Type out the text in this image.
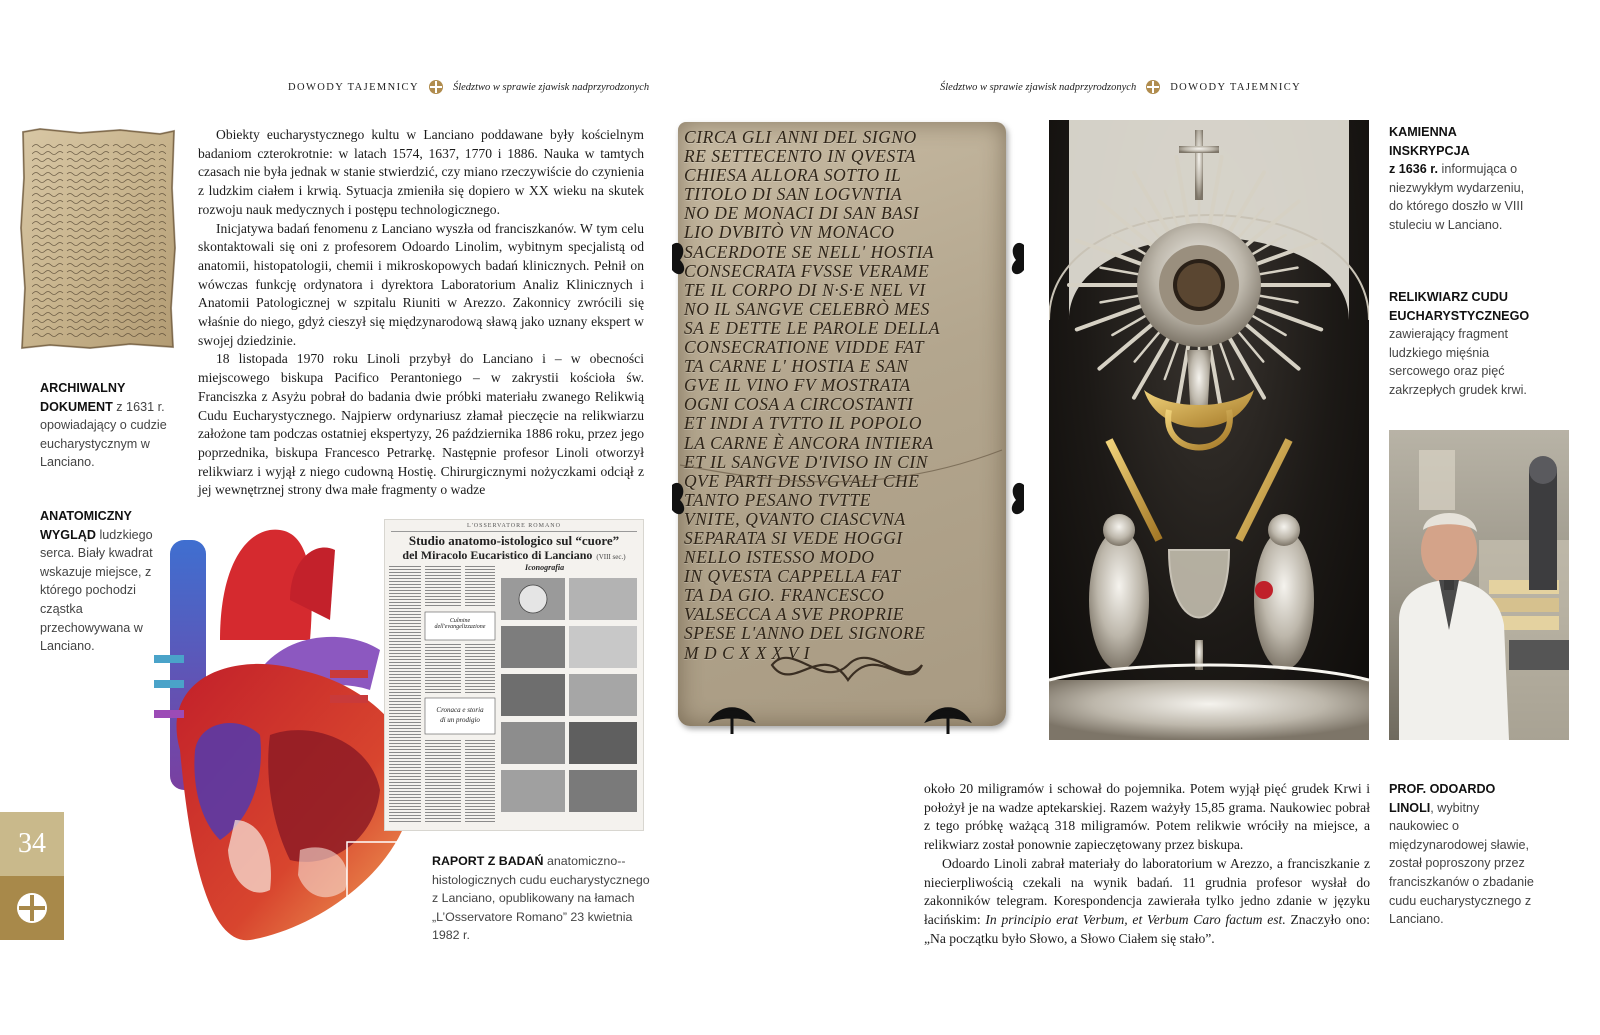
DOWODY TAJEMNICY	Śledztwo w sprawie zjawisk nadprzyrodzonych	Śledztwo w sprawie zjawisk nadprzyrodzonych	DOWODY TAJEMNICY

Obiekty eucharystycznego kultu w Lanciano poddawane były kościelnym badaniom czterokrotnie: w latach 1574, 1637, 1770 i 1886. Nauka w tamtych czasach nie była jednak w stanie stwierdzić, czy miano rzeczywiście do czynienia z ludzkim ciałem i krwią. Sytuacja zmieniła się dopiero w XX wieku na skutek rozwoju nauk medycznych i postępu technologicznego.

Inicjatywa badań fenomenu z Lanciano wyszła od franciszkanów. W tym celu skontaktowali się oni z profesorem Odoardo Linolim, wybitnym specjalistą od anatomii, histopatologii, chemii i mikroskopowych badań klinicznych. Pełnił on wówczas funkcję ordynatora i dyrektora Laboratorium Analiz Klinicznych i Anatomii Patologicznej w szpitalu Riuniti w Arezzo. Zakonnicy zwrócili się właśnie do niego, gdyż cieszył się międzynarodową sławą jako uznany ekspert w swojej dziedzinie.

18 listopada 1970 roku Linoli przybył do Lanciano i – w obecności miejscowego biskupa Pacifico Perantoniego – w zakrystii kościoła św. Franciszka z Asyżu pobrał do badania dwie próbki materiału zwanego Relikwią Cudu Eucharystycznego. Najpierw ordynariusz złamał pieczęcie na relikwiarzu założone tam podczas ostatniej ekspertyzy, 26 października 1886 roku, przez jego poprzednika, biskupa Francesco Petrarkę. Następnie profesor Linoli otworzył relikwiarz i wyjął z niego cudowną Hostię. Chirurgicznymi nożyczkami odciął z jej wewnętrznej strony dwa małe fragmenty o wadze

ARCHIWALNY DOKUMENT z 1631 r. opowiadający o cudzie eucharystycznym w Lanciano.
ANATOMICZNY WYGLĄD ludzkiego serca. Biały kwadrat wskazuje miejsce, z którego pochodzi cząstka przechowywana w Lanciano.
L'OSSERVATORE ROMANO
Studio anatomo-istologico sul “cuore”
del Miracolo Eucaristico di Lanciano (VIII sec.)
Iconografia
Culmine dell'evangelizzazione
Cronaca e storia
di un prodigio
RAPORT Z BADAŃ anatomiczno--histologicznych cudu eucharystycznego z Lanciano, opublikowany na łamach „L’Osservatore Romano” 23 kwietnia 1982 r.
34
CIRCA GLI ANNI DEL SIGNO
RE SETTECENTO IN QVESTA
CHIESA ALLORA SOTTO IL
TITOLO DI SAN LOGVNTIA
NO DE MONACI DI SAN BASI
LIO DVBITÒ VN MONACO
SACERDOTE SE NELL' HOSTIA
CONSECRATA FVSSE VERAME
TE IL CORPO DI N·S·E NEL VI
NO IL SANGVE CELEBRÒ MES
SA E DETTE LE PAROLE DELLA
CONSECRATIONE VIDDE FAT
TA CARNE L' HOSTIA E SAN
GVE IL VINO FV MOSTRATA
OGNI COSA A CIRCOSTANTI
ET INDI A TVTTO IL POPOLO
LA CARNE È ANCORA INTIERA
ET IL SANGVE D'IVISO IN CIN
QVE PARTI DISSVGVALI CHE
TANTO PESANO TVTTE
VNITE, QVANTO CIASCVNA
SEPARATA SI VEDE HOGGI
NELLO ISTESSO MODO
IN QVESTA CAPPELLA FAT
TA DA GIO. FRANCESCO
VALSECCA A SVE PROPRIE
SPESE L'ANNO DEL SIGNORE
M D C X X X V I
KAMIENNA INSKRYPCJA
z 1636 r. informująca o niezwykłym wydarzeniu, do którego doszło w VIII stuleciu w Lanciano.
RELIKWIARZ CUDU EUCHARYSTYCZNEGO zawierający fragment ludzkiego mięśnia sercowego oraz pięć zakrzepłych grudek krwi.
PROF. ODOARDO LINOLI, wybitny naukowiec o międzynarodowej sławie, został poproszony przez franciszkanów o zbadanie cudu eucharystycznego z Lanciano.

około 20 miligramów i schował do pojemnika. Potem wyjął pięć grudek Krwi i położył je na wadze aptekarskiej. Razem ważyły 15,85 grama. Naukowiec pobrał z tego próbkę ważącą 318 miligramów. Potem relikwie wróciły na miejsce, a relikwiarz został ponownie zapieczętowany przez biskupa.

Odoardo Linoli zabrał materiały do laboratorium w Arezzo, a franciszkanie z niecierpliwością czekali na wynik badań. 11 grudnia profesor wysłał do zakonników telegram. Korespondencja zawierała tylko jedno zdanie w języku łacińskim: In principio erat Verbum, et Verbum Caro factum est. Znaczyło ono: „Na początku było Słowo, a Słowo Ciałem się stało”.
